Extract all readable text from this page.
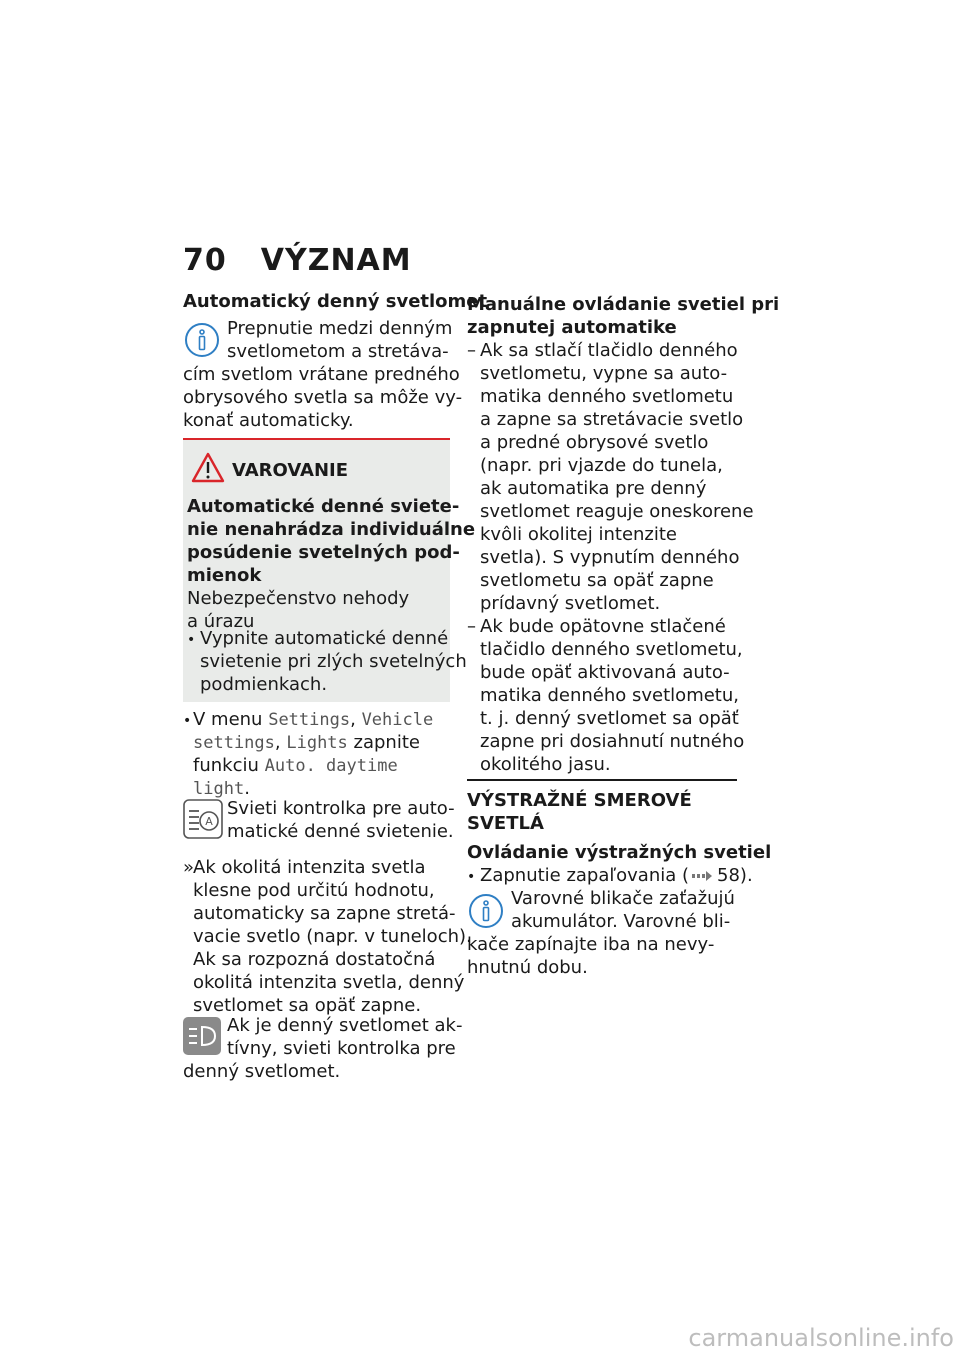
70 VÝZNAM
Automatický denný svetlomet
Prepnutie medzi denným
svetlometom a stretáva-
cím svetlom vrátane predného
obrysového svetla sa môže vy-
konať automaticky.
VAROVANIE
Automatické denné sviete-
nie nenahrádza individuálne
posúdenie svetelných pod-
mienok
Nebezpečenstvo nehody
a úrazu
• Vypnite automatické denné
svietenie pri zlých svetelných
podmienkach.
• V menu Settings, Vehicle
settings, Lights zapnite
funkciu Auto. daytime
light.
A
Svieti kontrolka pre auto-
matické denné svietenie.
»
Ak okolitá intenzita svetla
klesne pod určitú hodnotu,
automaticky sa zapne stretá-
vacie svetlo (napr. v tuneloch).
Ak sa rozpozná dostatočná
okolitá intenzita svetla, denný
svetlomet sa opäť zapne.
Ak je denný svetlomet ak-
tívny, svieti kontrolka pre
denný svetlomet.
Manuálne ovládanie svetiel pri
zapnutej automatike
– Ak sa stlačí tlačidlo denného
svetlometu, vypne sa auto-
matika denného svetlometu
a zapne sa stretávacie svetlo
a predné obrysové svetlo
(napr. pri vjazde do tunela,
ak automatika pre denný
svetlomet reaguje oneskorene
kvôli okolitej intenzite
svetla). S vypnutím denného
svetlometu sa opäť zapne
prídavný svetlomet.
– Ak bude opätovne stlačené
tlačidlo denného svetlometu,
bude opäť aktivovaná auto-
matika denného svetlometu,
t. j. denný svetlomet sa opäť
zapne pri dosiahnutí nutného
okolitého jasu.
VÝSTRAŽNÉ SMEROVÉ
SVETLÁ
Ovládanie výstražných svetiel
• Zapnutie zapaľovania ( 58).
Varovné blikače zaťažujú
akumulátor. Varovné bli-
kače zapínajte iba na nevy-
hnutnú dobu.
carmanualsonline.info
